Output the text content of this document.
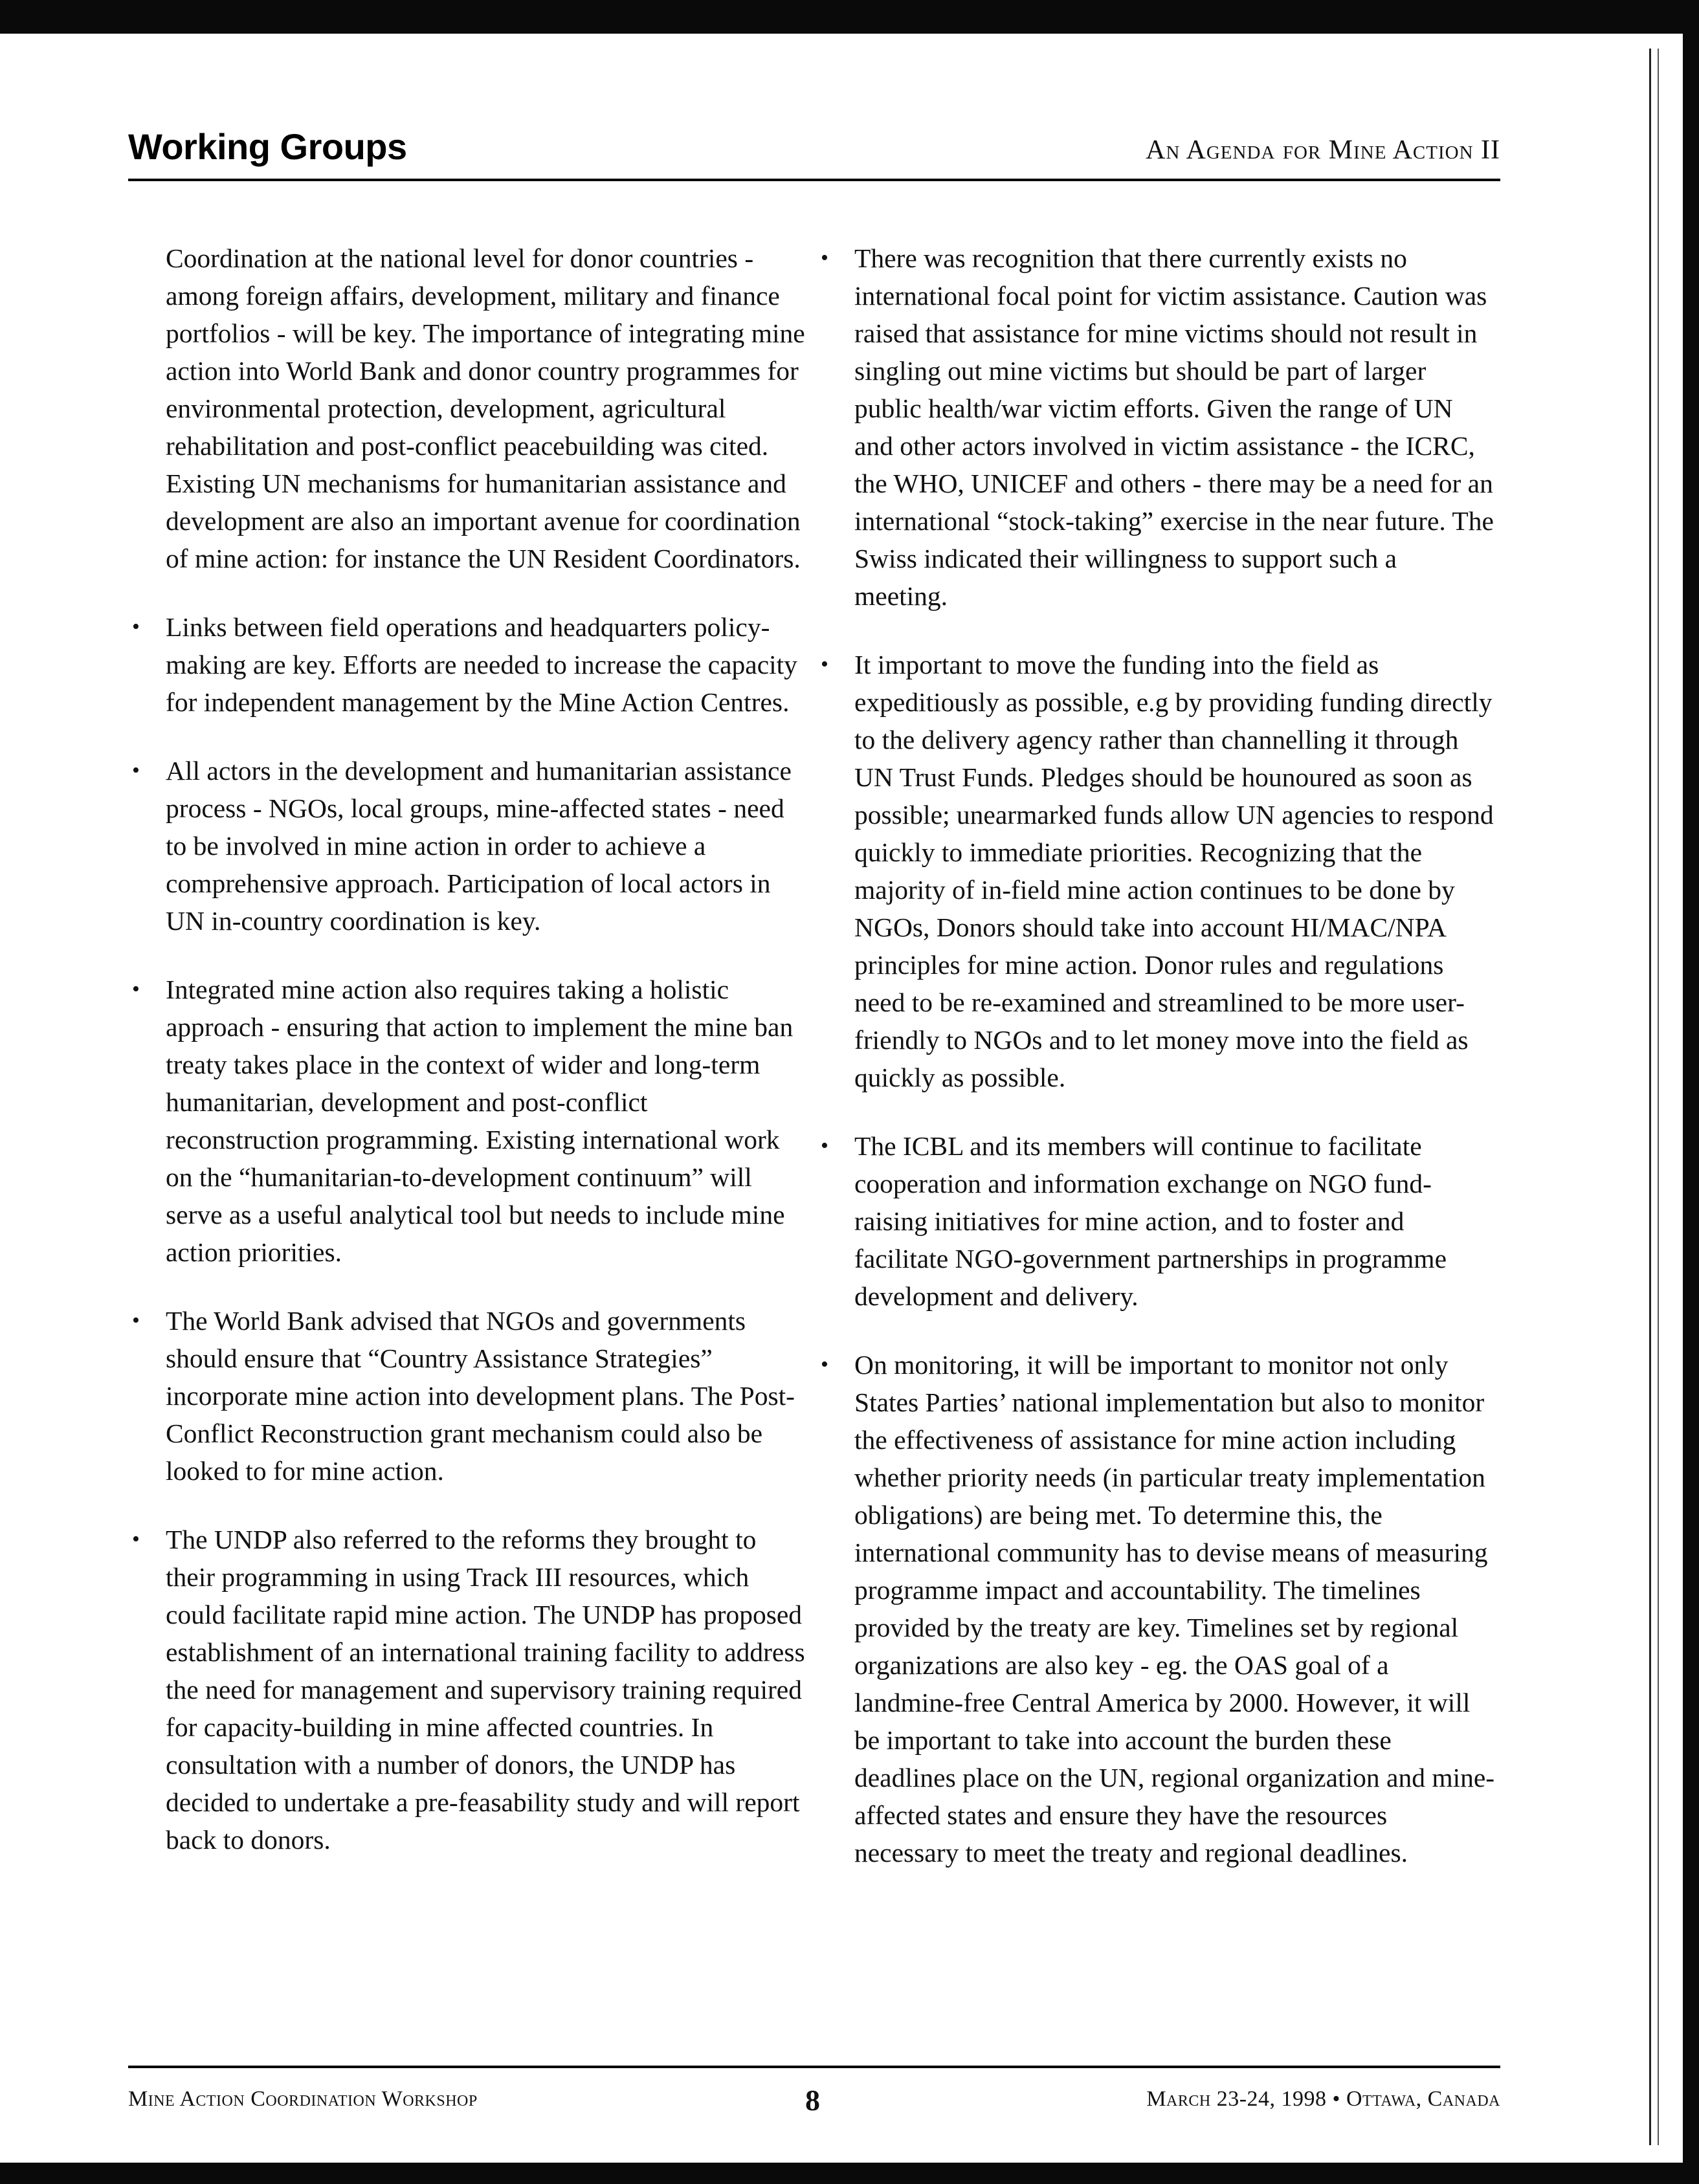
Working Groups	An Agenda for Mine Action II

Coordination at the national level for donor countries - among foreign affairs, development, military and finance portfolios - will be key. The importance of integrating mine action into World Bank and donor country programmes for environmental protection, development, agricultural rehabilitation and post-conflict peacebuilding was cited. Existing UN mechanisms for humanitarian assistance and development are also an important avenue for coordination of mine action: for instance the UN Resident Coordinators.

• Links between field operations and headquarters policy-making are key. Efforts are needed to increase the capacity for independent management by the Mine Action Centres.
• All actors in the development and humanitarian assistance process - NGOs, local groups, mine-affected states - need to be involved in mine action in order to achieve a comprehensive approach. Participation of local actors in UN in-country coordination is key.
• Integrated mine action also requires taking a holistic approach - ensuring that action to implement the mine ban treaty takes place in the context of wider and long-term humanitarian, development and post-conflict reconstruction programming. Existing international work on the “humanitarian-to-development continuum” will serve as a useful analytical tool but needs to include mine action priorities.
• The World Bank advised that NGOs and governments should ensure that “Country Assistance Strategies” incorporate mine action into development plans. The Post-Conflict Reconstruction grant mechanism could also be looked to for mine action.
• The UNDP also referred to the reforms they brought to their programming in using Track III resources, which could facilitate rapid mine action. The UNDP has proposed establishment of an international training facility to address the need for management and supervisory training required for capacity-building in mine affected countries. In consultation with a number of donors, the UNDP has decided to undertake a pre-feasability study and will report back to donors.
• There was recognition that there currently exists no international focal point for victim assistance. Caution was raised that assistance for mine victims should not result in singling out mine victims but should be part of larger public health/war victim efforts. Given the range of UN and other actors involved in victim assistance - the ICRC, the WHO, UNICEF and others - there may be a need for an international “stock-taking” exercise in the near future. The Swiss indicated their willingness to support such a meeting.
• It important to move the funding into the field as expeditiously as possible, e.g by providing funding directly to the delivery agency rather than channelling it through UN Trust Funds. Pledges should be hounoured as soon as possible; unearmarked funds allow UN agencies to respond quickly to immediate priorities. Recognizing that the majority of in-field mine action continues to be done by NGOs, Donors should take into account HI/MAC/NPA principles for mine action. Donor rules and regulations need to be re-examined and streamlined to be more user-friendly to NGOs and to let money move into the field as quickly as possible.
• The ICBL and its members will continue to facilitate cooperation and information exchange on NGO fund-raising initiatives for mine action, and to foster and facilitate NGO-government partnerships in programme development and delivery.
• On monitoring, it will be important to monitor not only States Parties’ national implementation but also to monitor the effectiveness of assistance for mine action including whether priority needs (in particular treaty implementation obligations) are being met. To determine this, the international community has to devise means of measuring programme impact and accountability. The timelines provided by the treaty are key. Timelines set by regional organizations are also key - eg. the OAS goal of a landmine-free Central America by 2000. However, it will be important to take into account the burden these deadlines place on the UN, regional organization and mine-affected states and ensure they have the resources necessary to meet the treaty and regional deadlines.
Mine Action Coordination Workshop	8	March 23-24, 1998 • Ottawa, Canada
